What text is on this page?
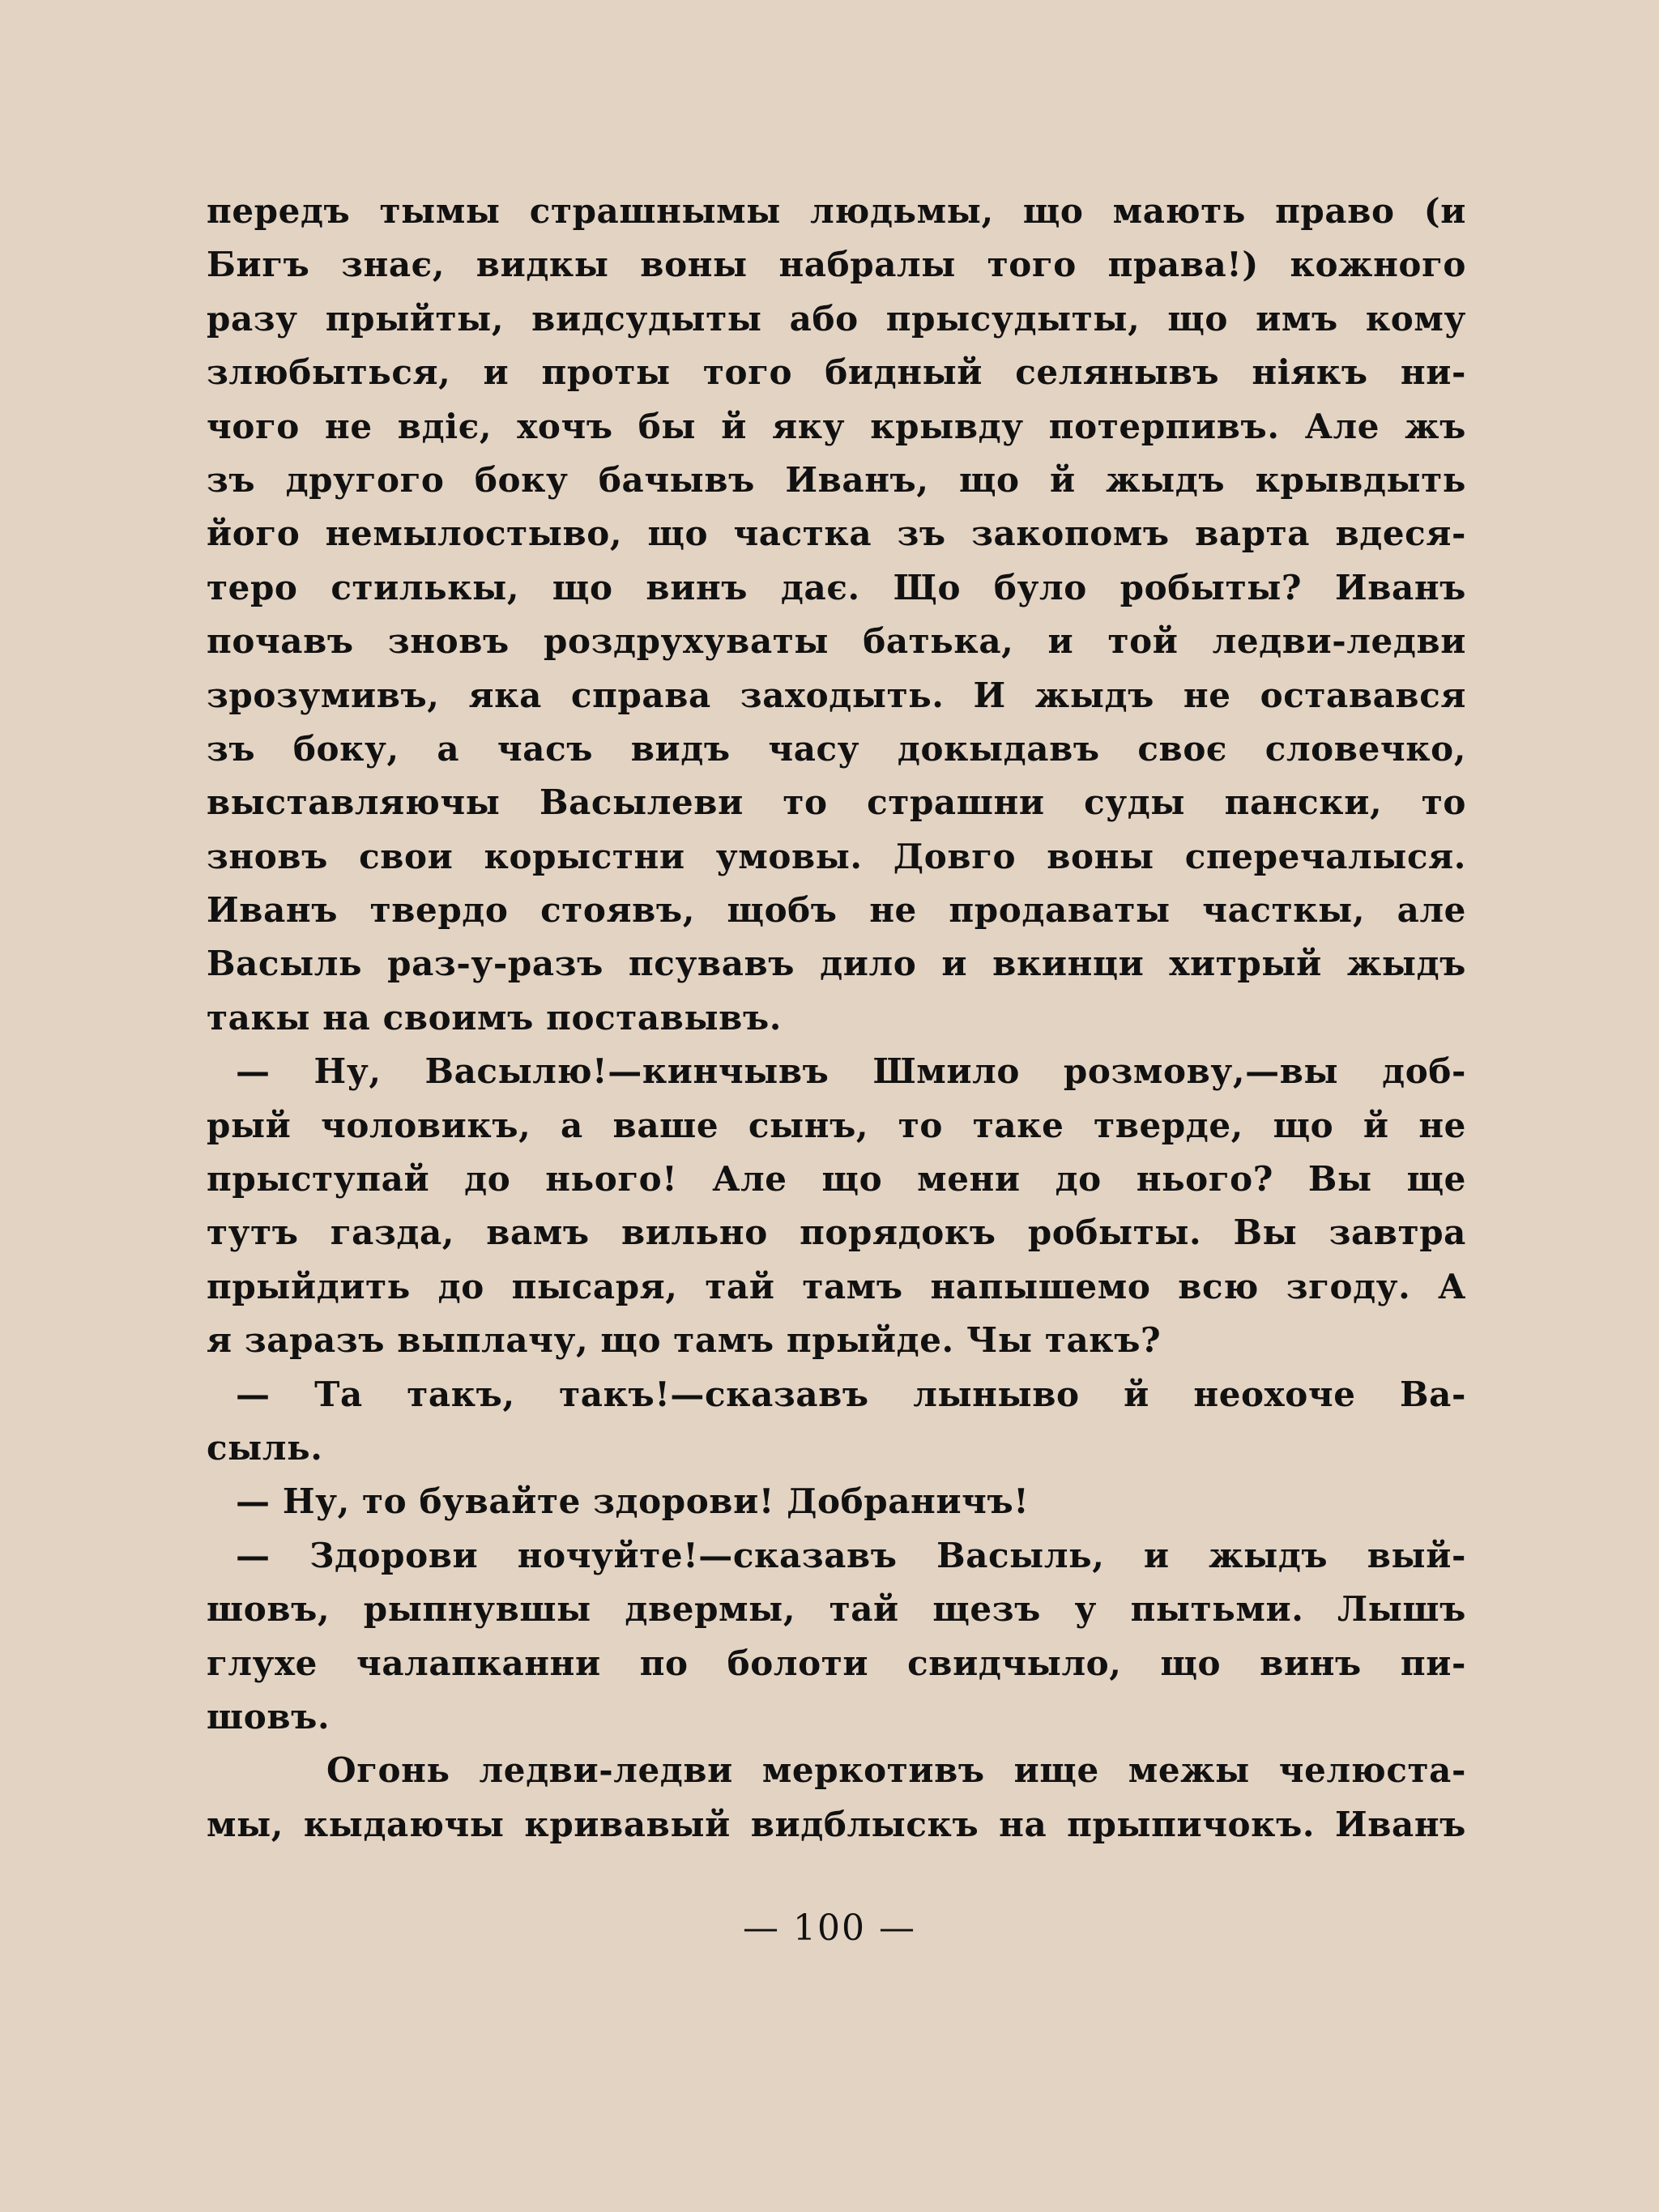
передъ тымы страшнымы людьмы, що мають право (и
Бигъ знає, видкы воны набралы того права!) кожного
разу прыйты, видсудыты або прысудыты, що имъ кому
злюбыться, и проты того бидный селянывъ нiякъ ни-
чого не вдiє, хочъ бы й яку крывду потерпивъ. Але жъ
зъ другого боку бачывъ Иванъ, що й жыдъ крывдыть
його немылостыво, що частка зъ закопомъ варта вдеся-
теро стилькы, що винъ дає. Що було робыты? Иванъ
почавъ зновъ роздрухуваты батька, и той ледви-ледви
зрозумивъ, яка справа заходыть. И жыдъ не оставався
зъ боку, а часъ видъ часу докыдавъ своє словечко,
выставляючы Васылеви то страшни суды пански, то
зновъ свои корыстни умовы. Довго воны сперечалыся.
Иванъ твердо стоявъ, щобъ не продаваты часткы, але
Васыль раз-у-разъ псувавъ дило и вкинци хитрый жыдъ
такы на своимъ поставывъ.
— Ну, Васылю!—кинчывъ Шмило розмову,—вы доб-
рый чоловикъ, а ваше сынъ, то таке тверде, що й не
прыступай до нього! Але що мени до нього? Вы ще
тутъ газда, вамъ вильно порядокъ робыты. Вы завтра
прыйдить до пысаря, тай тамъ напышемо всю згоду. А
я заразъ выплачу, що тамъ прыйде. Чы такъ?
— Та такъ, такъ!—сказавъ лыныво й неохоче Ва-
сыль.
— Ну, то бувайте здорови! Добраничъ!
— Здорови ночуйте!—сказавъ Васыль, и жыдъ вый-
шовъ, рыпнувшы двермы, тай щезъ у пытьми. Лышъ
глухе чалапканни по болоти свидчыло, що винъ пи-
шовъ.
Огонь ледви-ледви меркотивъ ище межы челюста-
мы, кыдаючы кривавый видблыскъ на прыпичокъ. Иванъ
— 100 —
